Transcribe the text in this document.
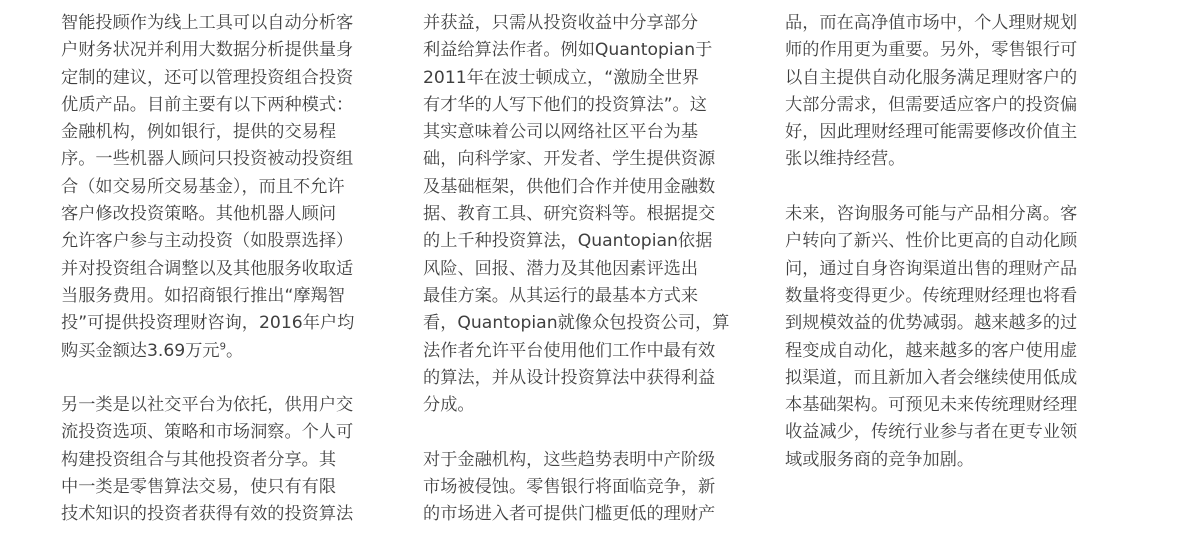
智能投顾作为线上工具可以自动分析客
户财务状况并利用大数据分析提供量身
定制的建议，还可以管理投资组合投资
优质产品。目前主要有以下两种模式：
金融机构，例如银行，提供的交易程
序。一些机器人顾问只投资被动投资组
合（如交易所交易基金），而且不允许
客户修改投资策略。其他机器人顾问
允许客户参与主动投资（如股票选择）
并对投资组合调整以及其他服务收取适
当服务费用。如招商银行推出“摩羯智
投”可提供投资理财咨询，2016年户均
购买金额达3.69万元$^9$。
另一类是以社交平台为依托，供用户交
流投资选项、策略和市场洞察。个人可
构建投资组合与其他投资者分享。其
中一类是零售算法交易，使只有有限
技术知识的投资者获得有效的投资算法
并获益，只需从投资收益中分享部分
利益给算法作者。例如Quantopian于
2011年在波士顿成立，“激励全世界
有才华的人写下他们的投资算法”。这
其实意味着公司以网络社区平台为基
础，向科学家、开发者、学生提供资源
及基础框架，供他们合作并使用金融数
据、教育工具、研究资料等。根据提交
的上千种投资算法，Quantopian依据
风险、回报、潜力及其他因素评选出
最佳方案。从其运行的最基本方式来
看，Quantopian就像众包投资公司，算
法作者允许平台使用他们工作中最有效
的算法，并从设计投资算法中获得利益
分成。
对于金融机构，这些趋势表明中产阶级
市场被侵蚀。零售银行将面临竞争，新
的市场进入者可提供门槛更低的理财产
品，而在高净值市场中，个人理财规划
师的作用更为重要。另外，零售银行可
以自主提供自动化服务满足理财客户的
大部分需求，但需要适应客户的投资偏
好，因此理财经理可能需要修改价值主
张以维持经营。
未来，咨询服务可能与产品相分离。客
户转向了新兴、性价比更高的自动化顾
问，通过自身咨询渠道出售的理财产品
数量将变得更少。传统理财经理也将看
到规模效益的优势减弱。越来越多的过
程变成自动化，越来越多的客户使用虚
拟渠道，而且新加入者会继续使用低成
本基础架构。可预见未来传统理财经理
收益减少，传统行业参与者在更专业领
域或服务商的竞争加剧。
